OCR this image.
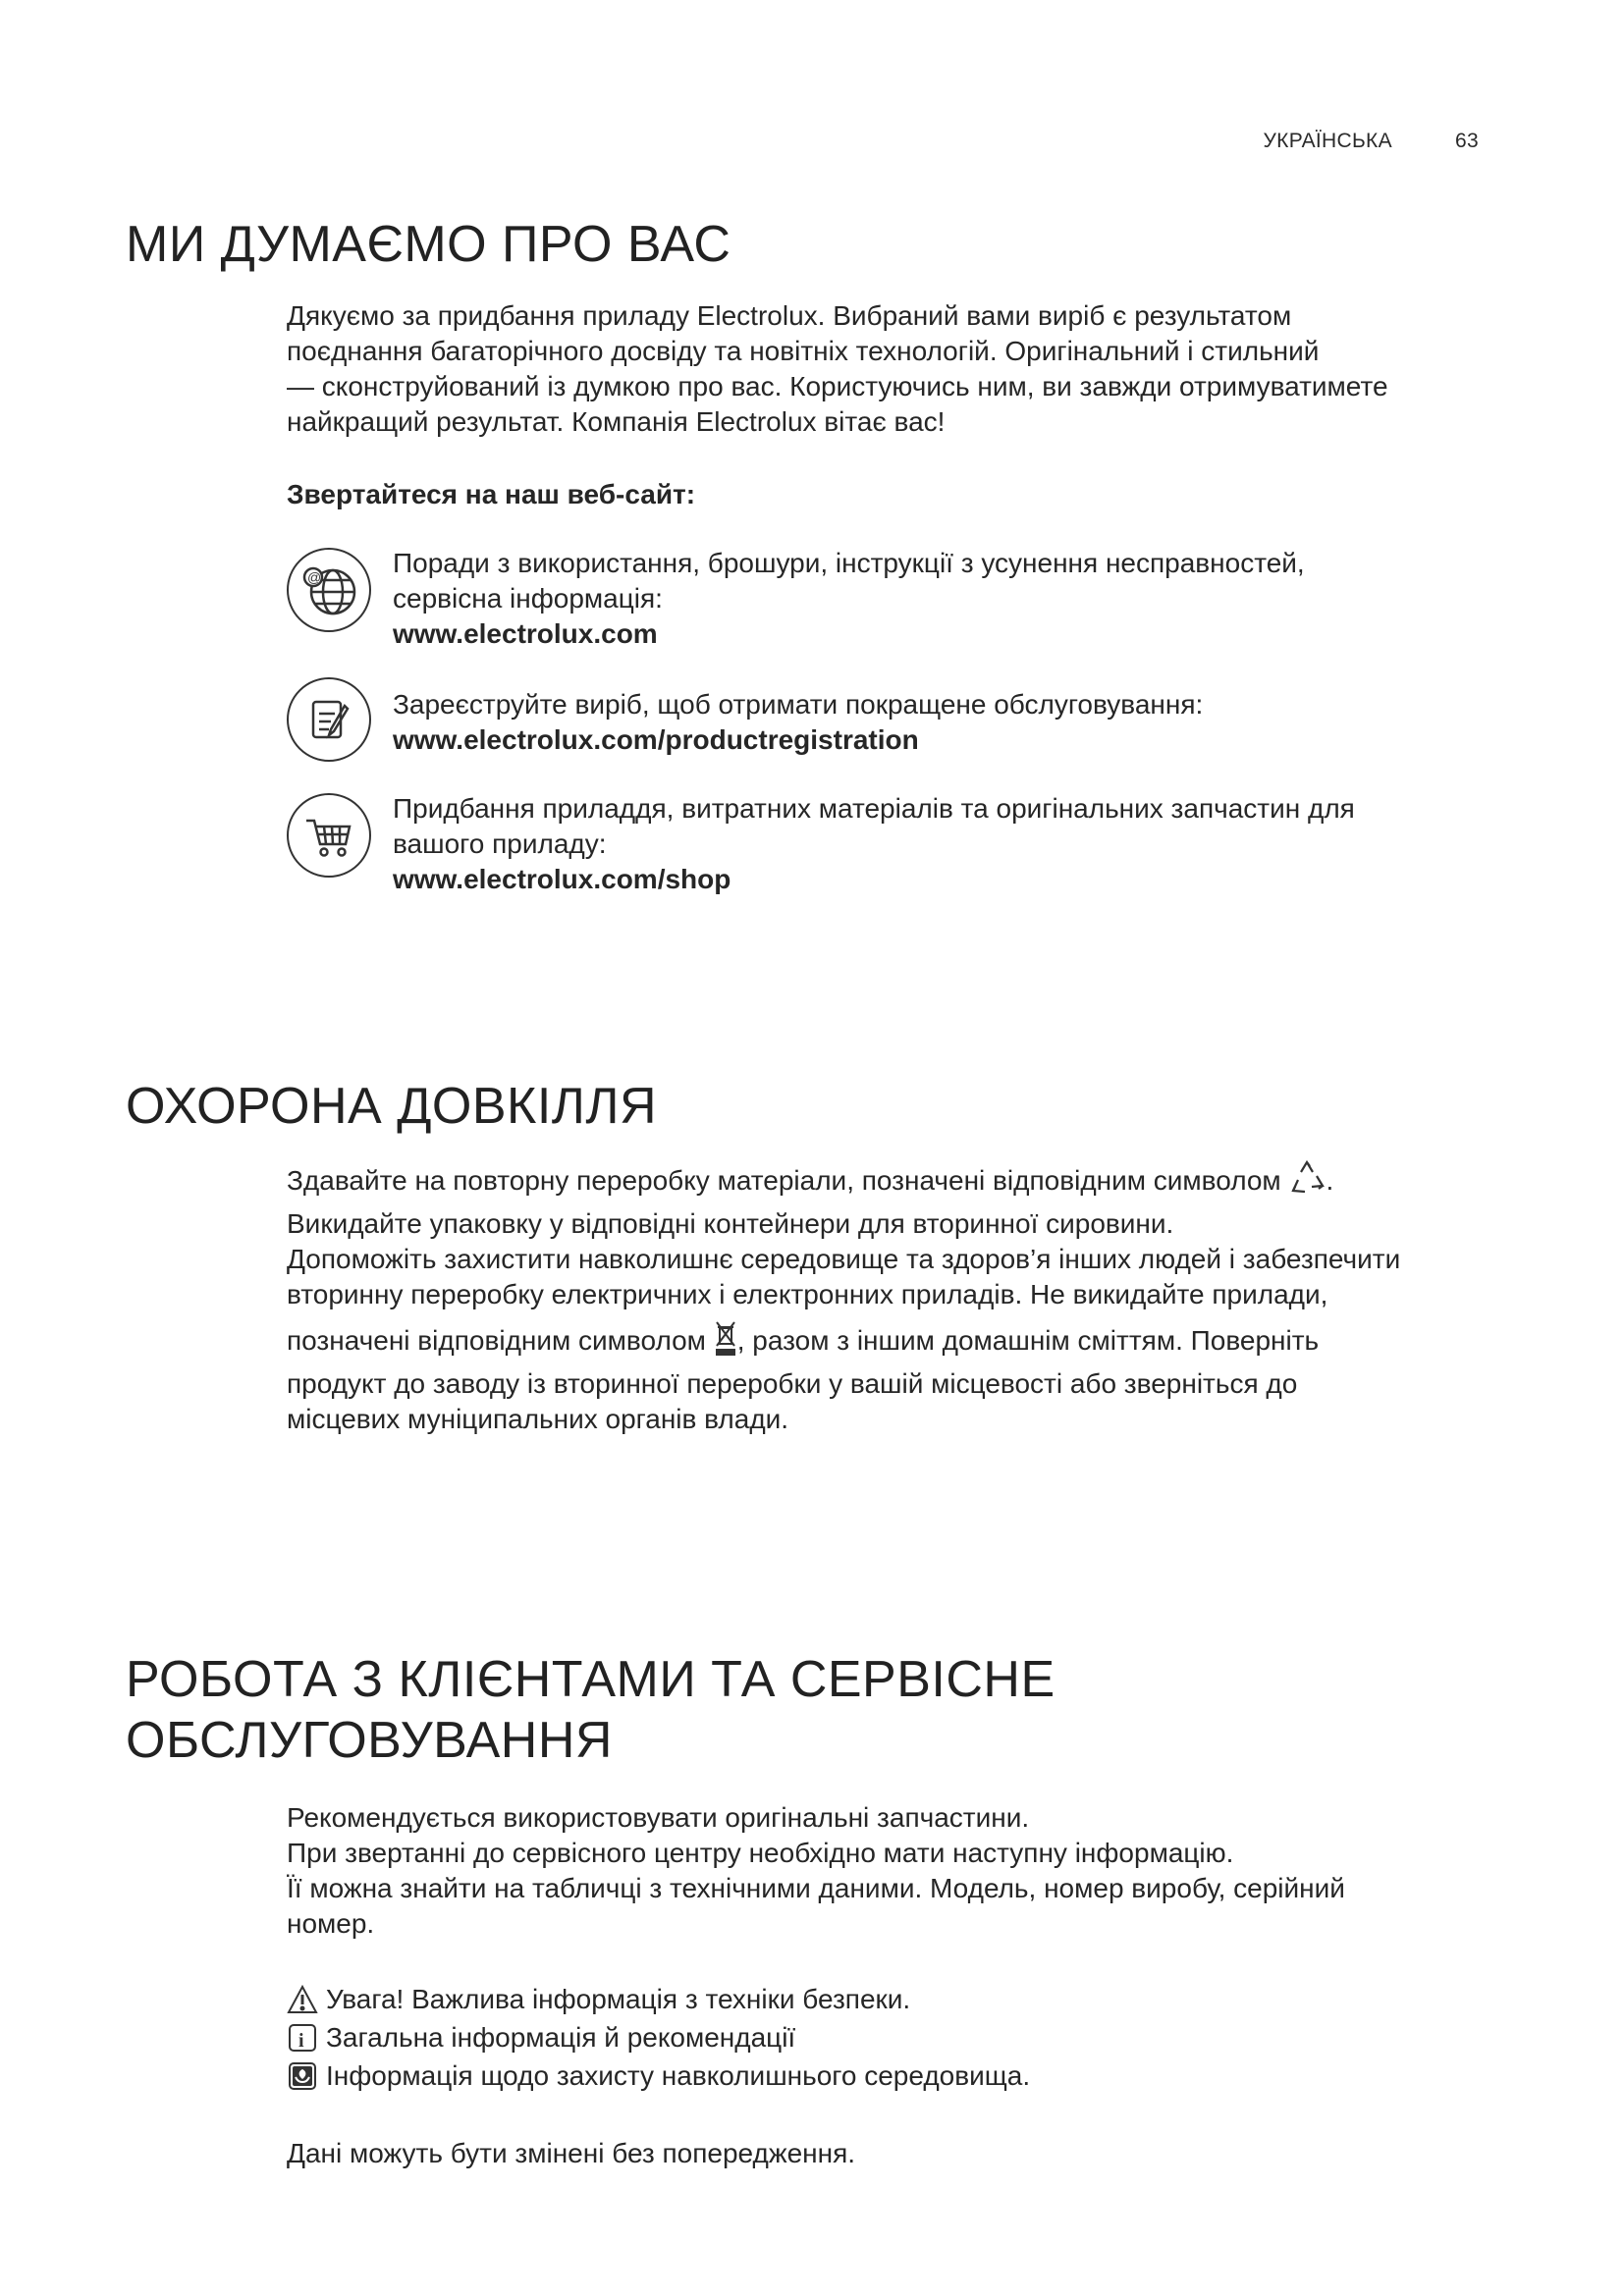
УКРАЇНСЬКА	63
МИ ДУМАЄМО ПРО ВАС

Дякуємо за придбання приладу Electrolux. Вибраний вами виріб є результатом

поєднання багаторічного досвіду та новітніх технологій. Оригінальний і стильний

— сконструйований із думкою про вас. Користуючись ним, ви завжди отримуватимете

найкращий результат. Компанія Electrolux вітає вас!

Звертайтеся на наш веб-сайт:
@	Поради з використання, брошури, інструкції з усунення несправностей,
сервісна інформація:
www.electrolux.com
Зареєструйте виріб, щоб отримати покращене обслуговування:
www.electrolux.com/productregistration
Придбання приладдя, витратних матеріалів та оригінальних запчастин для
вашого приладу:
www.electrolux.com/shop
ОХОРОНА ДОВКІЛЛЯ

Здавайте на повторну переробку матеріали, позначені відповідним символом .

Викидайте упаковку у відповідні контейнери для вторинної сировини.

Допоможіть захистити навколишнє середовище та здоров’я інших людей і забезпечити

вторинну переробку електричних і електронних приладів. Не викидайте прилади,

позначені відповідним символом , разом з іншим домашнім сміттям. Поверніть

продукт до заводу із вторинної переробки у вашій місцевості або зверніться до

місцевих муніципальних органів влади.

РОБОТА З КЛІЄНТАМИ ТА СЕРВІСНЕ
ОБСЛУГОВУВАННЯ

Рекомендується використовувати оригінальні запчастини.

При звертанні до сервісного центру необхідно мати наступну інформацію.

Її можна знайти на табличці з технічними даними. Модель, номер виробу, серійний

номер.

Увага! Важлива інформація з техніки безпеки.
i Загальна інформація й рекомендації
Інформація щодо захисту навколишнього середовища.
Дані можуть бути змінені без попередження.
